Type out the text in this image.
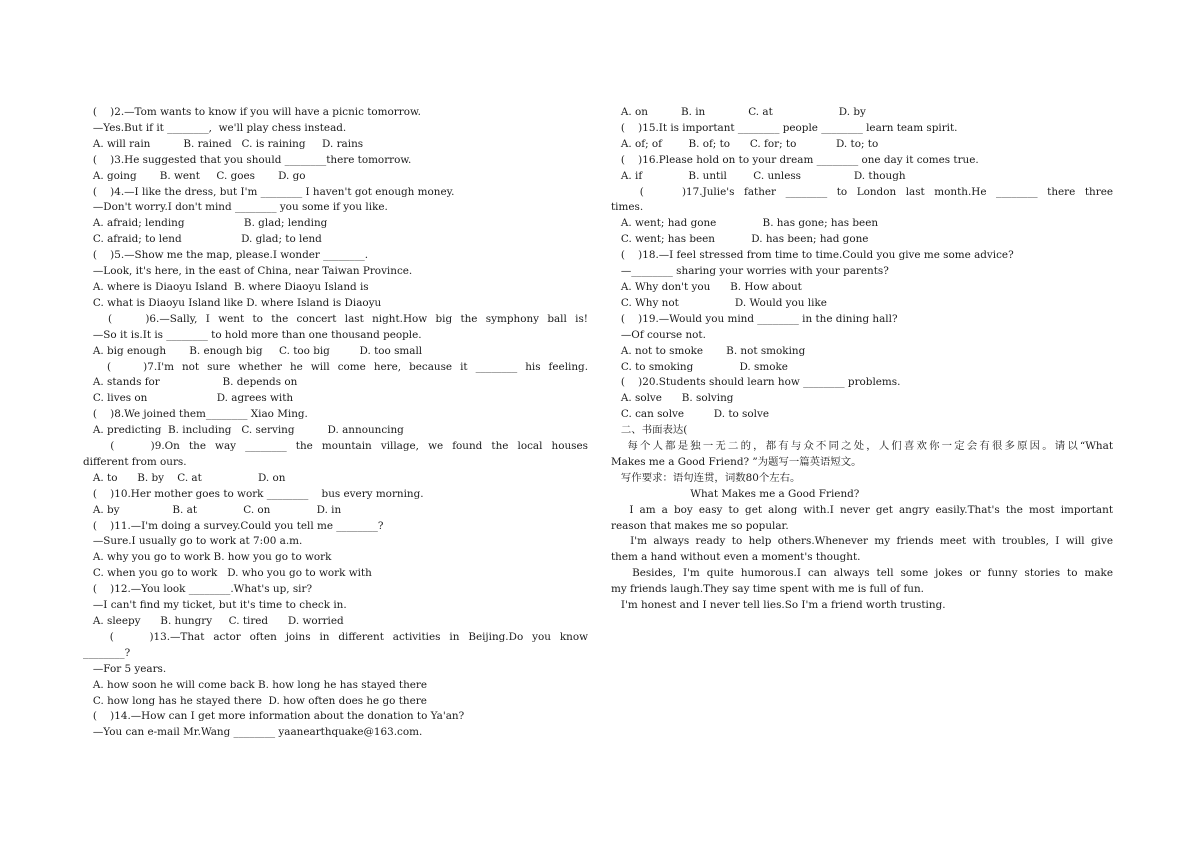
(    )2.—Tom wants to know if you will have a picnic tomorrow.
—Yes.But if it ________,  we'll play chess instead.
A. will rain          B. rained   C. is raining     D. rains
(    )3.He suggested that you should ________there tomorrow.
A. going       B. went     C. goes       D. go
(    )4.—I like the dress, but I'm ________ I haven't got enough money.
—Don't worry.I don't mind ________ you some if you like.
A. afraid; lending                  B. glad; lending
C. afraid; to lend                  D. glad; to lend
(    )5.—Show me the map, please.I wonder ________.
—Look, it's here, in the east of China, near Taiwan Province.
A. where is Diaoyu Island  B. where Diaoyu Island is
C. what is Diaoyu Island like D. where Island is Diaoyu
(    )6.—Sally, I went to the concert last night.How big the symphony ball is!
—So it is.It is ________ to hold more than one thousand people.
A. big enough       B. enough big     C. too big         D. too small
(    )7.I'm not sure whether he will come here, because it ________ his feeling.
A. stands for                   B. depends on
C. lives on                     D. agrees with
(    )8.We joined them________ Xiao Ming.
A. predicting  B. including   C. serving          D. announcing
(    )9.On the way ________ the mountain village, we found the local houses
different from ours.
A. to      B. by    C. at                 D. on
(    )10.Her mother goes to work ________    bus every morning.
A. by                B. at              C. on              D. in
(    )11.—I'm doing a survey.Could you tell me ________?
—Sure.I usually go to work at 7:00 a.m.
A. why you go to work B. how you go to work
C. when you go to work   D. who you go to work with
(    )12.—You look ________.What's up, sir?
—I can't find my ticket, but it's time to check in.
A. sleepy      B. hungry     C. tired      D. worried
(    )13.—That actor often joins in different activities in Beijing.Do you know
________?
—For 5 years.
A. how soon he will come back B. how long he has stayed there
C. how long has he stayed there  D. how often does he go there
(    )14.—How can I get more information about the donation to Ya'an?
—You can e-mail Mr.Wang ________ yaanearthquake@163.com.
A. on          B. in             C. at                    D. by
(    )15.It is important ________ people ________ learn team spirit.
A. of; of        B. of; to      C. for; to            D. to; to
(    )16.Please hold on to your dream ________ one day it comes true.
A. if              B. until        C. unless                D. though
(    )17.Julie's father ________ to London last month.He ________ there three
times.
A. went; had gone              B. has gone; has been
C. went; has been           D. has been; had gone
(    )18.—I feel stressed from time to time.Could you give me some advice?
—________ sharing your worries with your parents?
A. Why don't you      B. How about
C. Why not                 D. Would you like
(    )19.—Would you mind ________ in the dining hall?
—Of course not.
A. not to smoke       B. not smoking
C. to smoking              D. smoke
(    )20.Students should learn how ________ problems.
A. solve      B. solving
C. can solve         D. to solve
二、书面表达(
每个人都是独一无二的，都有与众不同之处，人们喜欢你一定会有很多原因。请以“What
Makes me a Good Friend? ”为题写一篇英语短文。
写作要求：语句连贯，词数80个左右。
What Makes me a Good Friend?
I am a boy easy to get along with.I never get angry easily.That's the most important
reason that makes me so popular.
I'm always ready to help others.Whenever my friends meet with troubles, I will give
them a hand without even a moment's thought.
Besides, I'm quite humorous.I can always tell some jokes or funny stories to make
my friends laugh.They say time spent with me is full of fun.
I'm honest and I never tell lies.So I'm a friend worth trusting.
